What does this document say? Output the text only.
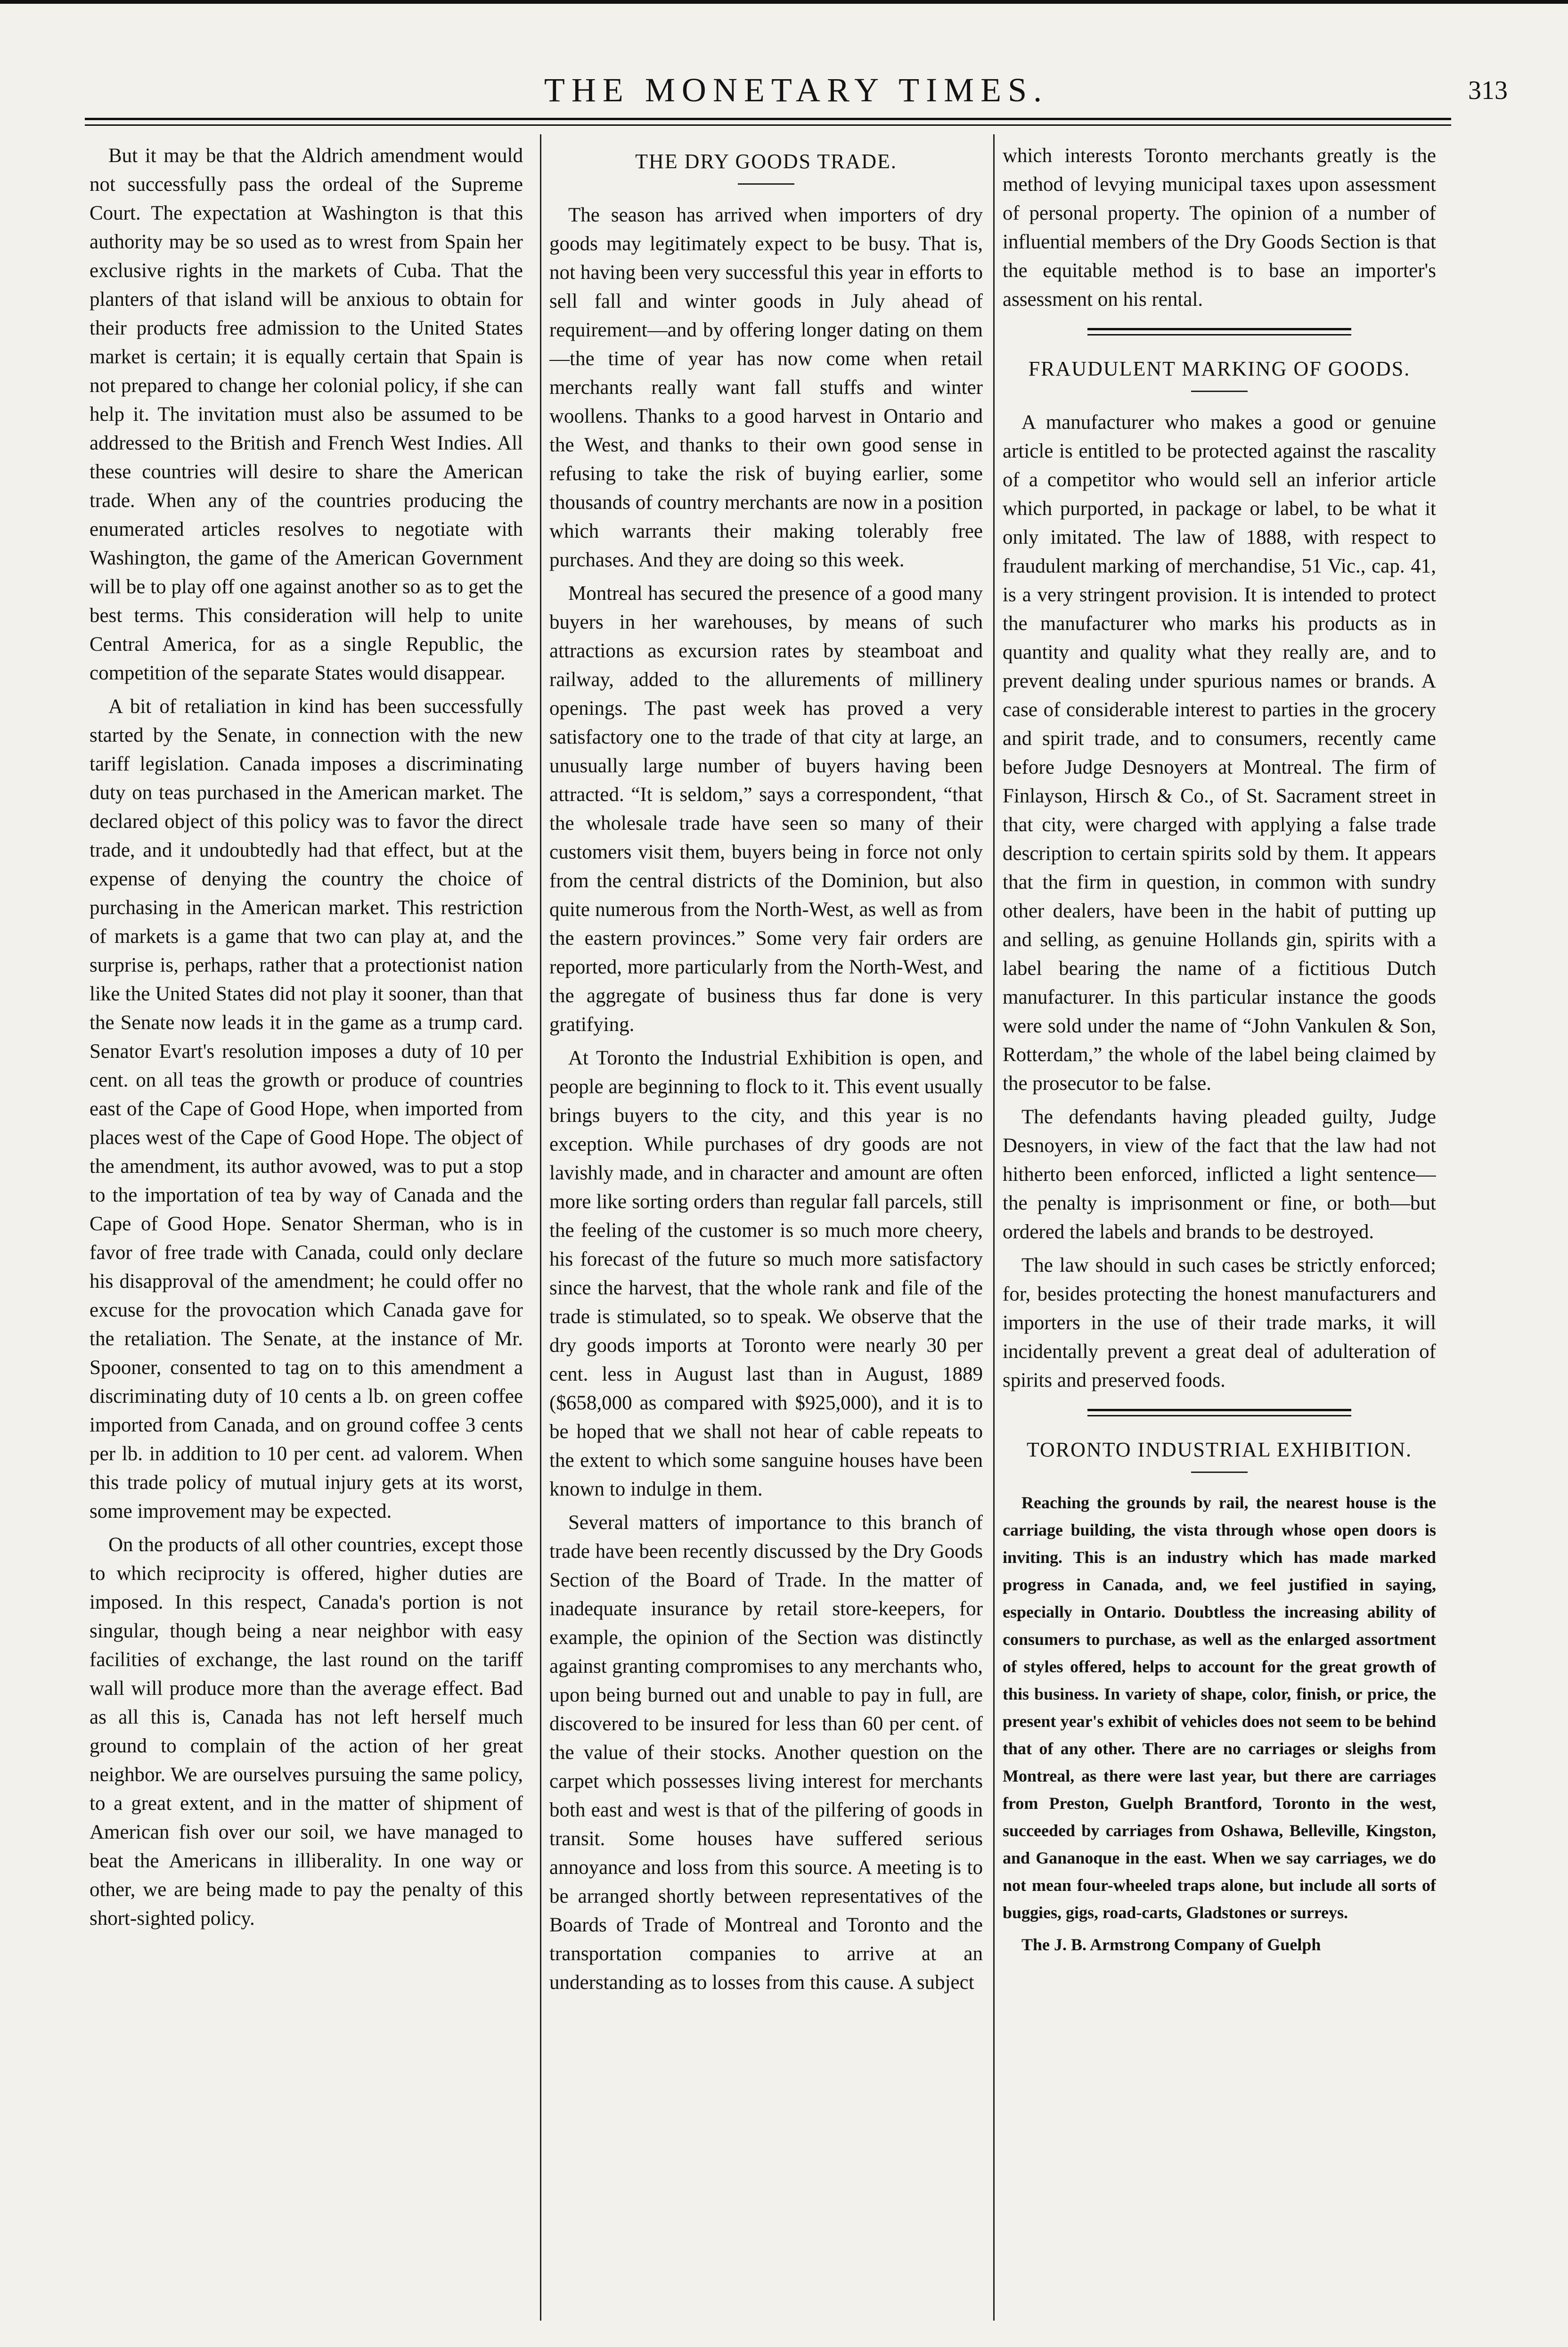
THE MONETARY TIMES.	313

But it may be that the Aldrich amendment would not successfully pass the ordeal of the Supreme Court. The expectation at Washington is that this authority may be so used as to wrest from Spain her exclusive rights in the markets of Cuba. That the planters of that island will be anxious to obtain for their products free admission to the United States market is certain; it is equally certain that Spain is not prepared to change her colonial policy, if she can help it. The invitation must also be assumed to be addressed to the British and French West Indies. All these countries will desire to share the American trade. When any of the countries producing the enumerated articles resolves to negotiate with Washington, the game of the American Government will be to play off one against another so as to get the best terms. This consideration will help to unite Central America, for as a single Republic, the competition of the separate States would disappear.

A bit of retaliation in kind has been successfully started by the Senate, in connection with the new tariff legislation. Canada imposes a discriminating duty on teas purchased in the American market. The declared object of this policy was to favor the direct trade, and it undoubtedly had that effect, but at the expense of denying the country the choice of purchasing in the American market. This restriction of markets is a game that two can play at, and the surprise is, perhaps, rather that a protectionist nation like the United States did not play it sooner, than that the Senate now leads it in the game as a trump card. Senator Evart's resolution imposes a duty of 10 per cent. on all teas the growth or produce of countries east of the Cape of Good Hope, when imported from places west of the Cape of Good Hope. The object of the amendment, its author avowed, was to put a stop to the importation of tea by way of Canada and the Cape of Good Hope. Senator Sherman, who is in favor of free trade with Canada, could only declare his disapproval of the amendment; he could offer no excuse for the provocation which Canada gave for the retaliation. The Senate, at the instance of Mr. Spooner, consented to tag on to this amendment a discriminating duty of 10 cents a lb. on green coffee imported from Canada, and on ground coffee 3 cents per lb. in addition to 10 per cent. ad valorem. When this trade policy of mutual injury gets at its worst, some improvement may be expected.

On the products of all other countries, except those to which reciprocity is offered, higher duties are imposed. In this respect, Canada's portion is not singular, though being a near neighbor with easy facilities of exchange, the last round on the tariff wall will produce more than the average effect. Bad as all this is, Canada has not left herself much ground to complain of the action of her great neighbor. We are ourselves pursuing the same policy, to a great extent, and in the matter of shipment of American fish over our soil, we have managed to beat the Americans in illiberality. In one way or other, we are being made to pay the penalty of this short-sighted policy.

THE DRY GOODS TRADE.

The season has arrived when importers of dry goods may legitimately expect to be busy. That is, not having been very successful this year in efforts to sell fall and winter goods in July ahead of requirement—and by offering longer dating on them—the time of year has now come when retail merchants really want fall stuffs and winter woollens. Thanks to a good harvest in Ontario and the West, and thanks to their own good sense in refusing to take the risk of buying earlier, some thousands of country merchants are now in a position which warrants their making tolerably free purchases. And they are doing so this week.

Montreal has secured the presence of a good many buyers in her warehouses, by means of such attractions as excursion rates by steamboat and railway, added to the allurements of millinery openings. The past week has proved a very satisfactory one to the trade of that city at large, an unusually large number of buyers having been attracted. “It is seldom,” says a correspondent, “that the wholesale trade have seen so many of their customers visit them, buyers being in force not only from the central districts of the Dominion, but also quite numerous from the North-West, as well as from the eastern provinces.” Some very fair orders are reported, more particularly from the North-West, and the aggregate of business thus far done is very gratifying.

At Toronto the Industrial Exhibition is open, and people are beginning to flock to it. This event usually brings buyers to the city, and this year is no exception. While purchases of dry goods are not lavishly made, and in character and amount are often more like sorting orders than regular fall parcels, still the feeling of the customer is so much more cheery, his forecast of the future so much more satisfactory since the harvest, that the whole rank and file of the trade is stimulated, so to speak. We observe that the dry goods imports at Toronto were nearly 30 per cent. less in August last than in August, 1889 ($658,000 as compared with $925,000), and it is to be hoped that we shall not hear of cable repeats to the extent to which some sanguine houses have been known to indulge in them.

Several matters of importance to this branch of trade have been recently discussed by the Dry Goods Section of the Board of Trade. In the matter of inadequate insurance by retail store-keepers, for example, the opinion of the Section was distinctly against granting compromises to any merchants who, upon being burned out and unable to pay in full, are discovered to be insured for less than 60 per cent. of the value of their stocks. Another question on the carpet which possesses living interest for merchants both east and west is that of the pilfering of goods in transit. Some houses have suffered serious annoyance and loss from this source. A meeting is to be arranged shortly between representatives of the Boards of Trade of Montreal and Toronto and the transportation companies to arrive at an understanding as to losses from this cause. A subject

which interests Toronto merchants greatly is the method of levying municipal taxes upon assessment of personal property. The opinion of a number of influential members of the Dry Goods Section is that the equitable method is to base an importer's assessment on his rental.

FRAUDULENT MARKING OF GOODS.

A manufacturer who makes a good or genuine article is entitled to be protected against the rascality of a competitor who would sell an inferior article which purported, in package or label, to be what it only imitated. The law of 1888, with respect to fraudulent marking of merchandise, 51 Vic., cap. 41, is a very stringent provision. It is intended to protect the manufacturer who marks his products as in quantity and quality what they really are, and to prevent dealing under spurious names or brands. A case of considerable interest to parties in the grocery and spirit trade, and to consumers, recently came before Judge Desnoyers at Montreal. The firm of Finlayson, Hirsch & Co., of St. Sacrament street in that city, were charged with applying a false trade description to certain spirits sold by them. It appears that the firm in question, in common with sundry other dealers, have been in the habit of putting up and selling, as genuine Hollands gin, spirits with a label bearing the name of a fictitious Dutch manufacturer. In this particular instance the goods were sold under the name of “John Vankulen & Son, Rotterdam,” the whole of the label being claimed by the prosecutor to be false.

The defendants having pleaded guilty, Judge Desnoyers, in view of the fact that the law had not hitherto been enforced, inflicted a light sentence—the penalty is imprisonment or fine, or both—but ordered the labels and brands to be destroyed.

The law should in such cases be strictly enforced; for, besides protecting the honest manufacturers and importers in the use of their trade marks, it will incidentally prevent a great deal of adulteration of spirits and preserved foods.

TORONTO INDUSTRIAL EXHIBITION.

Reaching the grounds by rail, the nearest house is the carriage building, the vista through whose open doors is inviting. This is an industry which has made marked progress in Canada, and, we feel justified in saying, especially in Ontario. Doubtless the increasing ability of consumers to purchase, as well as the enlarged assortment of styles offered, helps to account for the great growth of this business. In variety of shape, color, finish, or price, the present year's exhibit of vehicles does not seem to be behind that of any other. There are no carriages or sleighs from Montreal, as there were last year, but there are carriages from Preston, Guelph Brantford, Toronto in the west, succeeded by carriages from Oshawa, Belleville, Kingston, and Gananoque in the east. When we say carriages, we do not mean four-wheeled traps alone, but include all sorts of buggies, gigs, road-carts, Gladstones or surreys.

The J. B. Armstrong Company of Guelph
